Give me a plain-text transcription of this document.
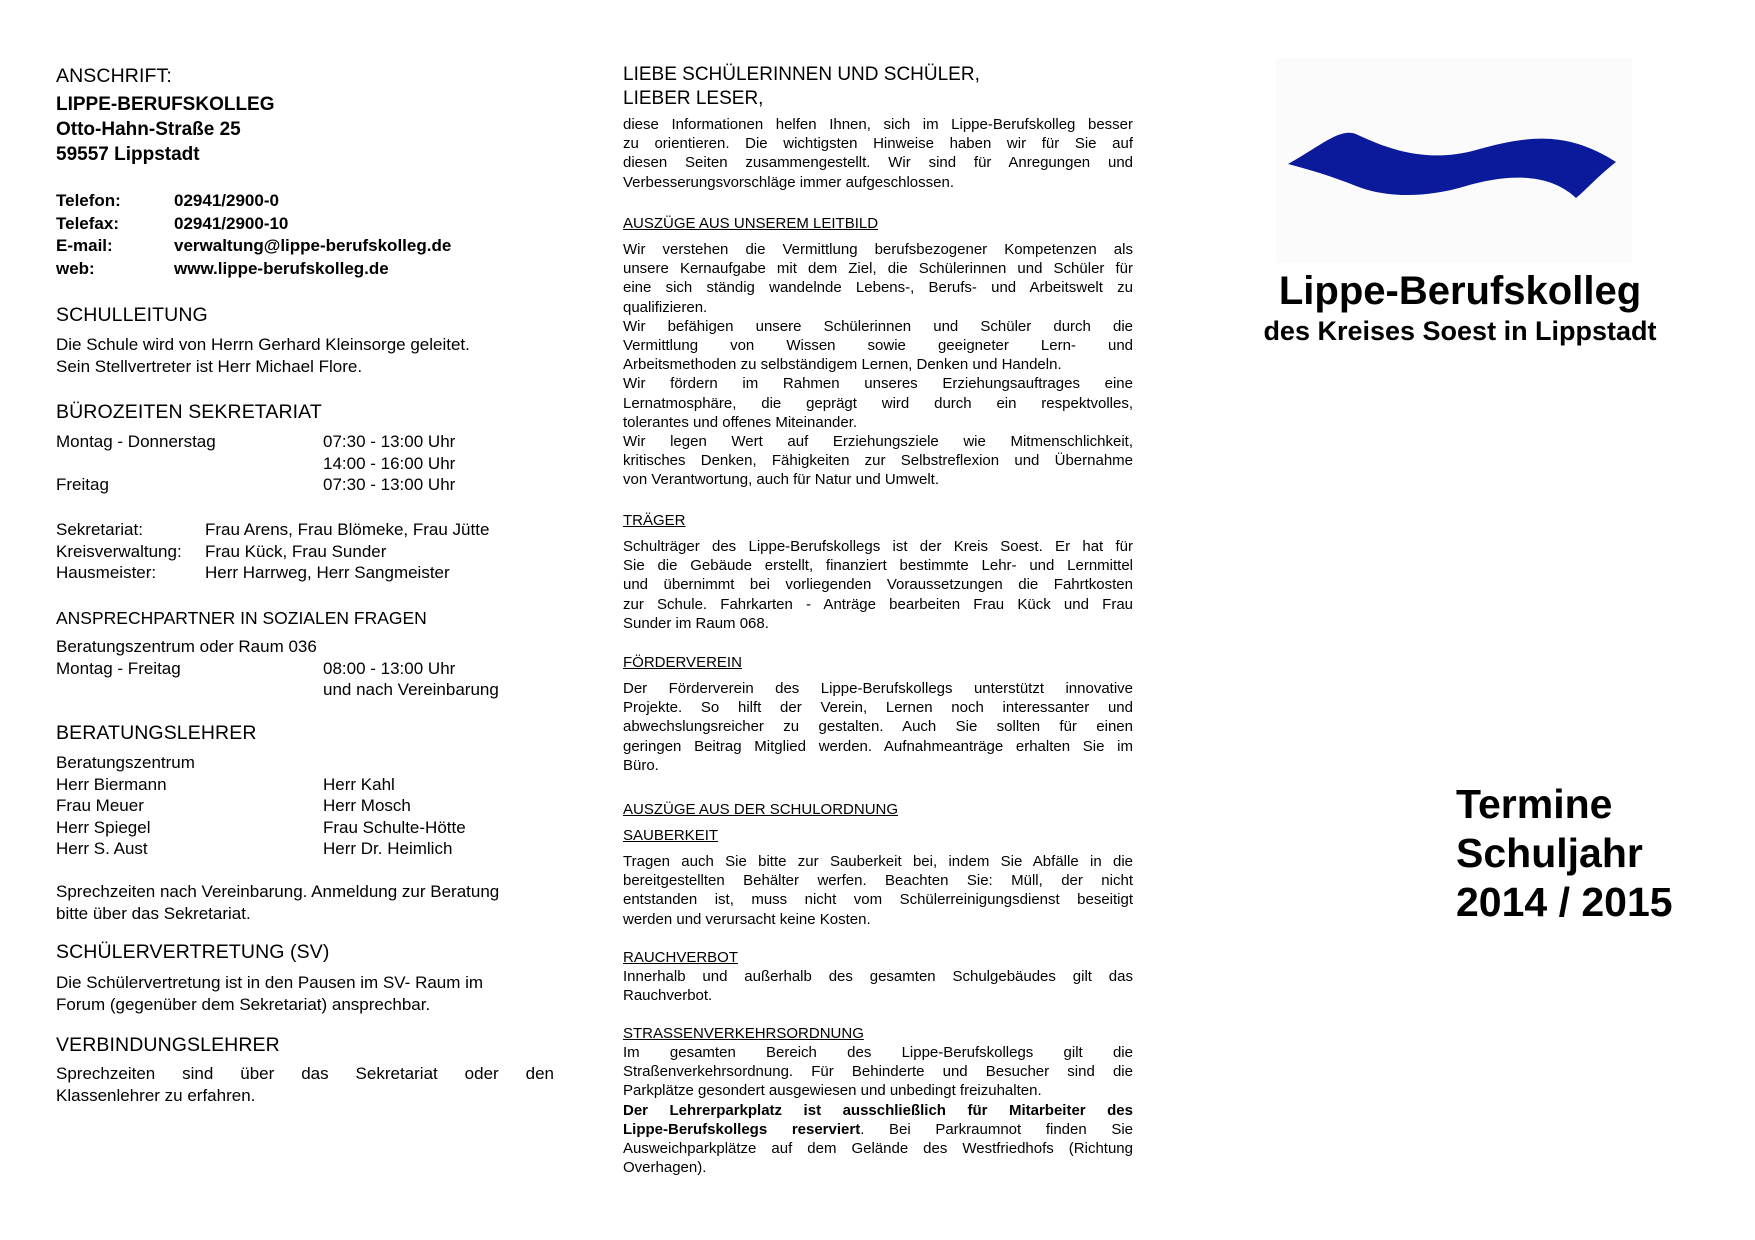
ANSCHRIFT:
LIPPE-BERUFSKOLLEG
Otto-Hahn-Straße 25
59557 Lippstadt
Telefon:	02941/2900-0
Telefax:	02941/2900-10
E-mail:	verwaltung@lippe-berufskolleg.de
web:	www.lippe-berufskolleg.de
SCHULLEITUNG
Die Schule wird von Herrn Gerhard Kleinsorge geleitet.
Sein Stellvertreter ist Herr Michael Flore.
BÜROZEITEN SEKRETARIAT
Montag - Donnerstag	07:30 - 13:00 Uhr
14:00 - 16:00 Uhr
Freitag	07:30 - 13:00 Uhr
Sekretariat:	Frau Arens, Frau Blömeke, Frau Jütte
Kreisverwaltung: Frau Kück, Frau Sunder
Hausmeister:	Herr Harrweg, Herr Sangmeister
ANSPRECHPARTNER IN SOZIALEN FRAGEN
Beratungszentrum oder Raum 036
Montag - Freitag	08:00 - 13:00 Uhr
und nach Vereinbarung
BERATUNGSLEHRER
Beratungszentrum
Herr Biermann	Herr Kahl
Frau Meuer	Herr Mosch
Herr Spiegel	Frau Schulte-Hötte
Herr S. Aust	Herr Dr. Heimlich
Sprechzeiten nach Vereinbarung. Anmeldung zur Beratung
bitte über das Sekretariat.
SCHÜLERVERTRETUNG (SV)
Die Schülervertretung ist in den Pausen im SV- Raum im
Forum (gegenüber dem Sekretariat) ansprechbar.
VERBINDUNGSLEHRER
Sprechzeiten sind über das Sekretariat oder den
Klassenlehrer zu erfahren.
LIEBE SCHÜLERINNEN UND SCHÜLER,
LIEBER LESER,
diese Informationen helfen Ihnen, sich im Lippe-Berufskolleg besser
zu orientieren. Die wichtigsten Hinweise haben wir für Sie auf
diesen Seiten zusammengestellt. Wir sind für Anregungen und
Verbesserungsvorschläge immer aufgeschlossen.
AUSZÜGE AUS UNSEREM LEITBILD
Wir verstehen die Vermittlung berufsbezogener Kompetenzen als
unsere Kernaufgabe mit dem Ziel, die Schülerinnen und Schüler für
eine sich ständig wandelnde Lebens-, Berufs- und Arbeitswelt zu
qualifizieren.
Wir befähigen unsere Schülerinnen und Schüler durch die
Vermittlung von Wissen sowie geeigneter Lern- und
Arbeitsmethoden zu selbständigem Lernen, Denken und Handeln.
Wir fördern im Rahmen unseres Erziehungsauftrages eine
Lernatmosphäre, die geprägt wird durch ein respektvolles,
tolerantes und offenes Miteinander.
Wir legen Wert auf Erziehungsziele wie Mitmenschlichkeit,
kritisches Denken, Fähigkeiten zur Selbstreflexion und Übernahme
von Verantwortung, auch für Natur und Umwelt.
TRÄGER
Schulträger des Lippe-Berufskollegs ist der Kreis Soest. Er hat für
Sie die Gebäude erstellt, finanziert bestimmte Lehr- und Lernmittel
und übernimmt bei vorliegenden Voraussetzungen die Fahrtkosten
zur Schule. Fahrkarten - Anträge bearbeiten Frau Kück und Frau
Sunder im Raum 068.
FÖRDERVEREIN
Der Förderverein des Lippe-Berufskollegs unterstützt innovative
Projekte. So hilft der Verein, Lernen noch interessanter und
abwechslungsreicher zu gestalten. Auch Sie sollten für einen
geringen Beitrag Mitglied werden. Aufnahmeanträge erhalten Sie im
Büro.
AUSZÜGE AUS DER SCHULORDNUNG
SAUBERKEIT
Tragen auch Sie bitte zur Sauberkeit bei, indem Sie Abfälle in die
bereitgestellten Behälter werfen. Beachten Sie: Müll, der nicht
entstanden ist, muss nicht vom Schülerreinigungsdienst beseitigt
werden und verursacht keine Kosten.
RAUCHVERBOT
Innerhalb und außerhalb des gesamten Schulgebäudes gilt das
Rauchverbot.
STRASSENVERKEHRSORDNUNG
Im gesamten Bereich des Lippe-Berufskollegs gilt die
Straßenverkehrsordnung. Für Behinderte und Besucher sind die
Parkplätze gesondert ausgewiesen und unbedingt freizuhalten.
Der Lehrerparkplatz ist ausschließlich für Mitarbeiter des
Lippe-Berufskollegs reserviert. Bei Parkraumnot finden Sie
Ausweichparkplätze auf dem Gelände des Westfriedhofs (Richtung
Overhagen).
Lippe-Berufskolleg
des Kreises Soest in Lippstadt
Termine
Schuljahr
2014 / 2015
